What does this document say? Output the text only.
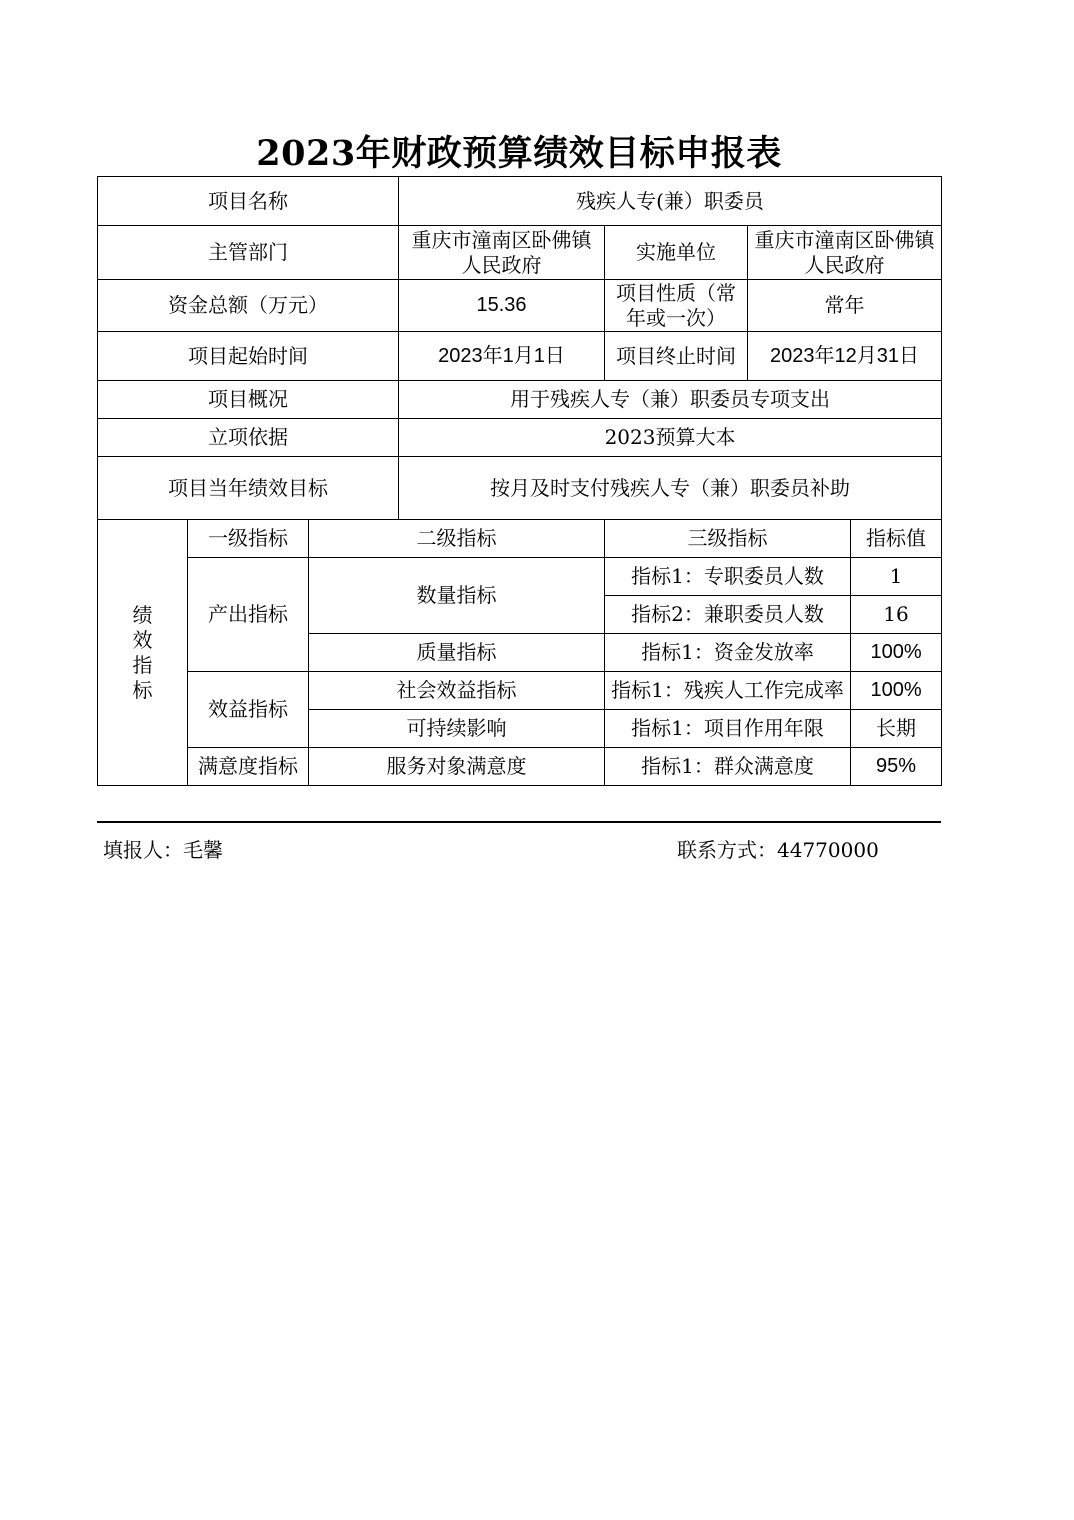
2023年财政预算绩效目标申报表
项目名称			残疾人专(兼）职委员			
主管部门			重庆市潼南区卧佛镇人民政府	实施单位	重庆市潼南区卧佛镇人民政府	
资金总额（万元）			15.36	项目性质（常年或一次）	常年	
项目起始时间			2023年1月1日	项目终止时间	2023年12月31日	
项目概况			用于残疾人专（兼）职委员专项支出			
立项依据			2023预算大本			
项目当年绩效目标			按月及时支付残疾人专（兼）职委员补助			
绩
效
指
标	一级指标	二级指标		三级指标		指标值
	产出指标	数量指标		指标1：专职委员人数		1
				指标2：兼职委员人数		16
		质量指标		指标1：资金发放率		100%
	效益指标	社会效益指标		指标1：残疾人工作完成率		100%
		可持续影响		指标1：项目作用年限		长期
	满意度指标	服务对象满意度		指标1：群众满意度		95%
填报人：毛馨	联系方式：44770000
